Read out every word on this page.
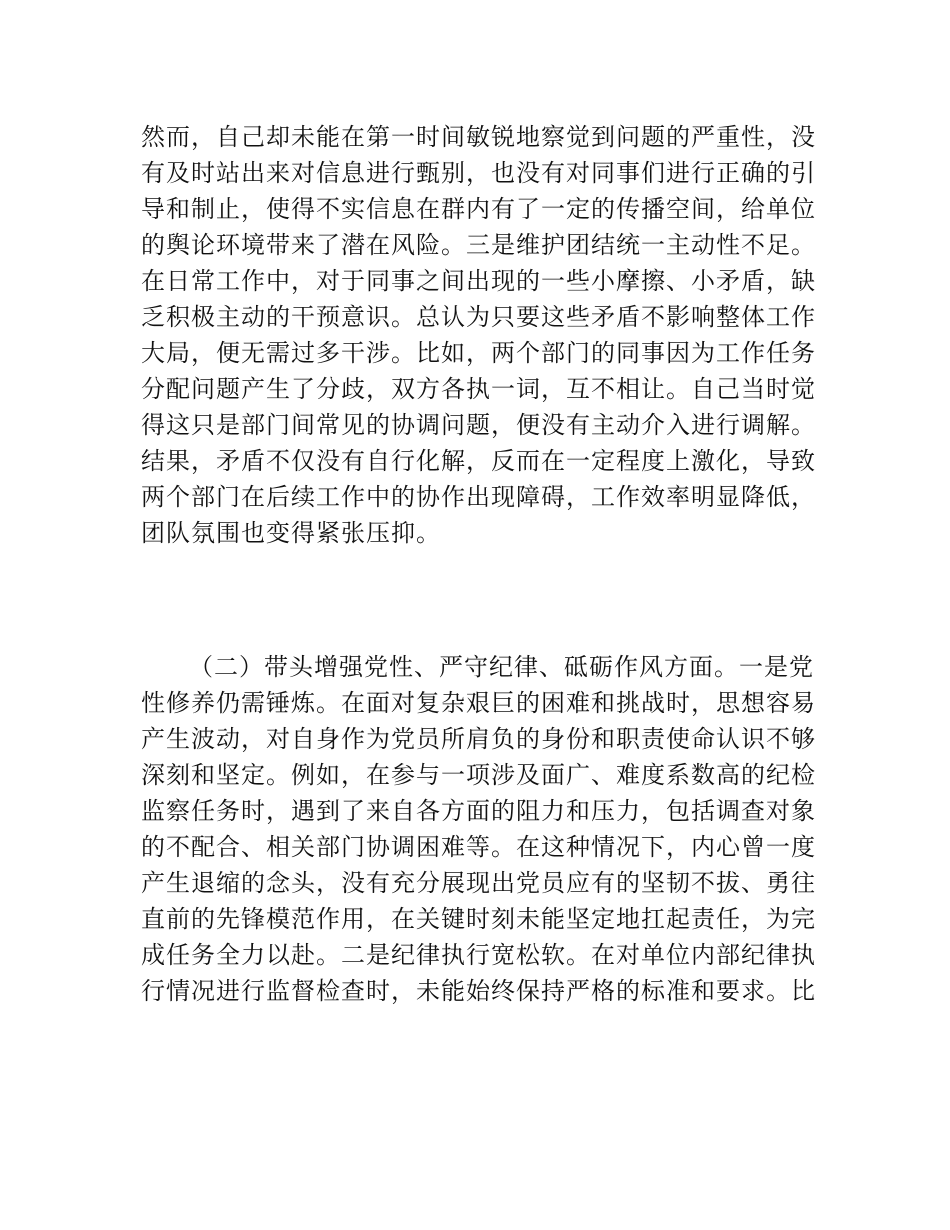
然而，自己却未能在第一时间敏锐地察觉到问题的严重性，没
有及时站出来对信息进行甄别，也没有对同事们进行正确的引
导和制止，使得不实信息在群内有了一定的传播空间，给单位
的舆论环境带来了潜在风险。三是维护团结统一主动性不足。
在日常工作中，对于同事之间出现的一些小摩擦、小矛盾，缺
乏积极主动的干预意识。总认为只要这些矛盾不影响整体工作
大局，便无需过多干涉。比如，两个部门的同事因为工作任务
分配问题产生了分歧，双方各执一词，互不相让。自己当时觉
得这只是部门间常见的协调问题，便没有主动介入进行调解。
结果，矛盾不仅没有自行化解，反而在一定程度上激化，导致
两个部门在后续工作中的协作出现障碍，工作效率明显降低，
团队氛围也变得紧张压抑。
（二）带头增强党性、严守纪律、砥砺作风方面。一是党
性修养仍需锤炼。在面对复杂艰巨的困难和挑战时，思想容易
产生波动，对自身作为党员所肩负的身份和职责使命认识不够
深刻和坚定。例如，在参与一项涉及面广、难度系数高的纪检
监察任务时，遇到了来自各方面的阻力和压力，包括调查对象
的不配合、相关部门协调困难等。在这种情况下，内心曾一度
产生退缩的念头，没有充分展现出党员应有的坚韧不拔、勇往
直前的先锋模范作用，在关键时刻未能坚定地扛起责任，为完
成任务全力以赴。二是纪律执行宽松软。在对单位内部纪律执
行情况进行监督检查时，未能始终保持严格的标准和要求。比
